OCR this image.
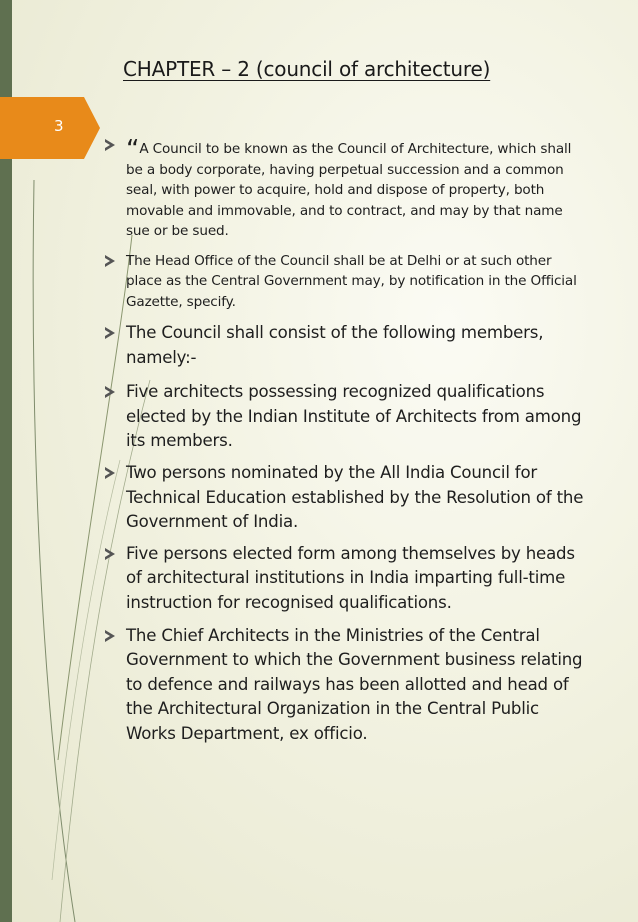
3
CHAPTER – 2 (council of architecture)
“A Council to be known as the Council of Architecture, which shall be a body corporate, having perpetual succession and a common seal, with power to acquire, hold and dispose of property, both movable and immovable, and to contract, and may by that name sue or be sued.
The Head Office of the Council shall be at Delhi or at such other place as the Central Government may, by notification in the Official Gazette, specify.
The Council shall consist of the following members, namely:-
Five architects possessing recognized qualifications elected by the Indian Institute of Architects from among its members.
Two persons nominated by the All India Council for Technical Education established by the Resolution of the Government of India.
Five persons elected form among themselves by heads of architectural institutions in India imparting full-time instruction for recognised qualifications.
The Chief Architects in the Ministries of the Central Government to which the Government business relating to defence and railways has been allotted and head of the Architectural Organization in the Central Public Works Department, ex officio.
